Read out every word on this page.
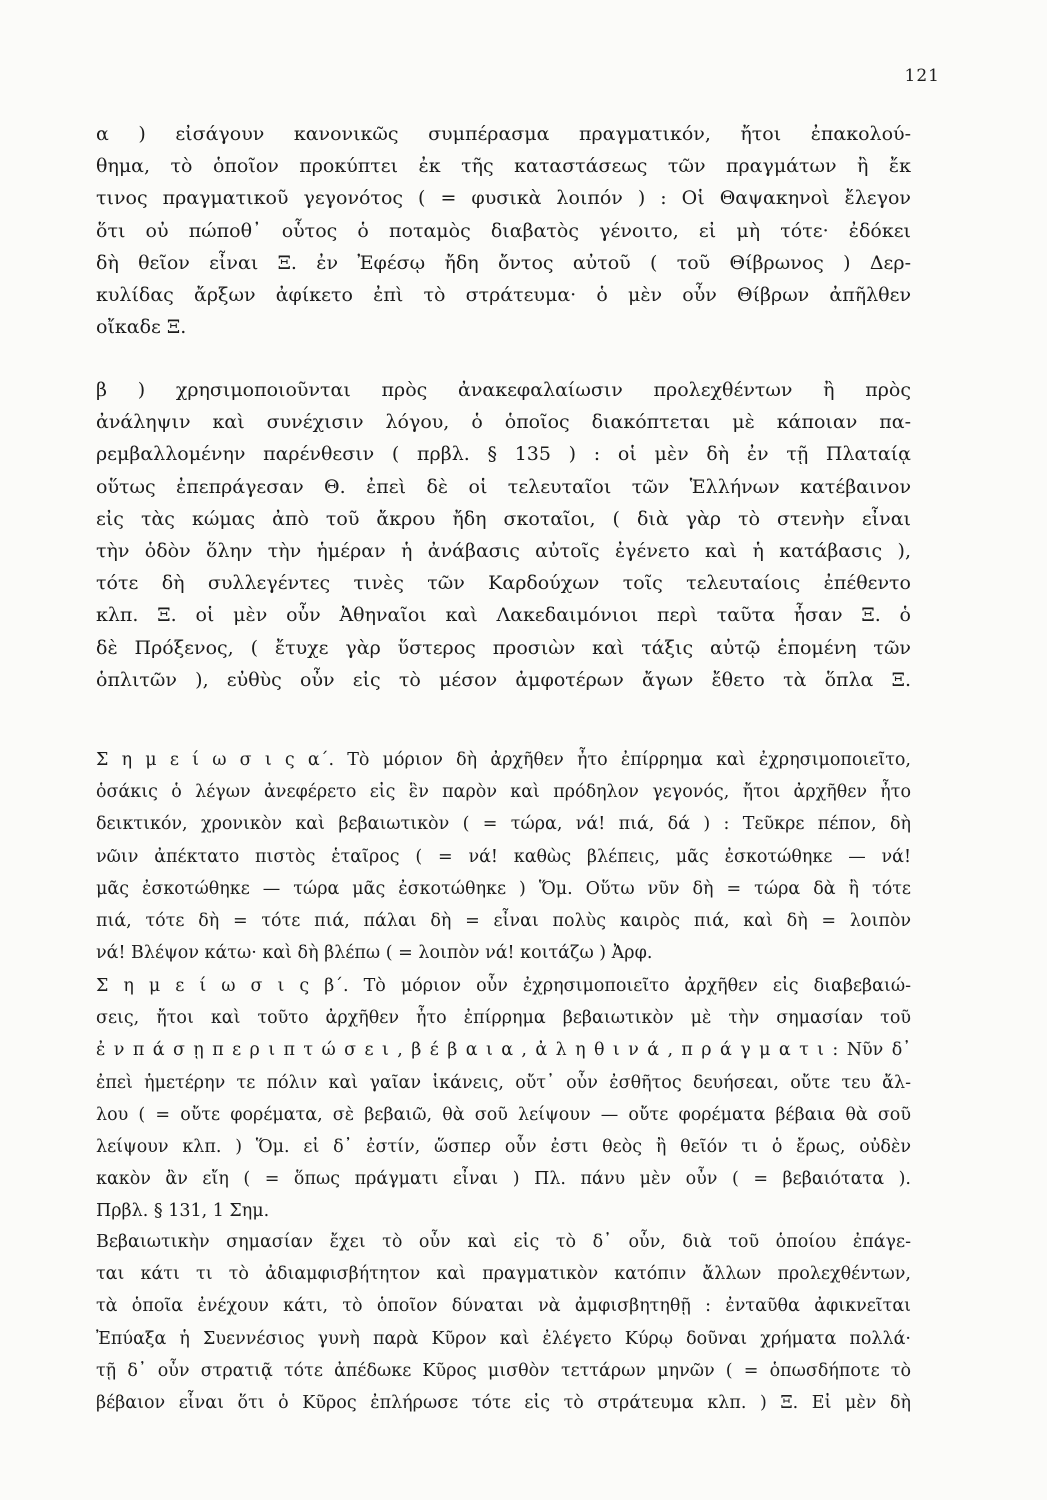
121
α ) εἰσάγουν κανονικῶς συμπέρασμα πραγματικόν, ἤτοι ἐπακολού-
θημα, τὸ ὁποῖον προκύπτει ἐκ τῆς καταστάσεως τῶν πραγμάτων ἢ ἔκ
τινος πραγματικοῦ γεγονότος ( = φυσικὰ λοιπόν ) : Οἱ Θαψακηνοὶ ἔλεγον
ὅτι οὐ πώποθ᾽ οὗτος ὁ ποταμὸς διαβατὸς γένοιτο, εἰ μὴ τότε· ἐδόκει
δὴ θεῖον εἶναι Ξ. ἐν Ἐφέσῳ ἤδη ὄντος αὐτοῦ ( τοῦ Θίβρωνος ) Δερ-
κυλίδας ἄρξων ἀφίκετο ἐπὶ τὸ στράτευμα· ὁ μὲν οὖν Θίβρων ἀπῆλθεν
οἴκαδε Ξ.
β ) χρησιμοποιοῦνται πρὸς ἀνακεφαλαίωσιν προλεχθέντων ἢ πρὸς
ἀνάληψιν καὶ συνέχισιν λόγου, ὁ ὁποῖος διακόπτεται μὲ κάποιαν πα-
ρεμβαλλομένην παρένθεσιν ( πρβλ. § 135 ) : οἱ μὲν δὴ ἐν τῇ Πλαταίᾳ
οὕτως ἐπεπράγεσαν Θ. ἐπεὶ δὲ οἱ τελευταῖοι τῶν Ἑλλήνων κατέβαινον
εἰς τὰς κώμας ἀπὸ τοῦ ἄκρου ἤδη σκοταῖοι, ( διὰ γὰρ τὸ στενὴν εἶναι
τὴν ὁδὸν ὅλην τὴν ἡμέραν ἡ ἀνάβασις αὐτοῖς ἐγένετο καὶ ἡ κατάβασις ),
τότε δὴ συλλεγέντες τινὲς τῶν Καρδούχων τοῖς τελευταίοις ἐπέθεντο
κλπ. Ξ. οἱ μὲν οὖν Ἀθηναῖοι καὶ Λακεδαιμόνιοι περὶ ταῦτα ἦσαν Ξ. ὁ
δὲ Πρόξενος, ( ἔτυχε γὰρ ὕστερος προσιὼν καὶ τάξις αὐτῷ ἑπομένη τῶν
ὁπλιτῶν ), εὐθὺς οὖν εἰς τὸ μέσον ἀμφοτέρων ἄγων ἔθετο τὰ ὅπλα Ξ.
Σ η μ ε ί ω σ ι ς α΄. Τὸ μόριον δὴ ἀρχῆθεν ἦτο ἐπίρρημα καὶ ἐχρησιμοποιεῖτο,
ὁσάκις ὁ λέγων ἀνεφέρετο εἰς ἓν παρὸν καὶ πρόδηλον γεγονός, ἤτοι ἀρχῆθεν ἦτο
δεικτικόν, χρονικὸν καὶ βεβαιωτικὸν ( = τώρα, νά! πιά, δά ) : Τεῦκρε πέπον, δὴ
νῶιν ἀπέκτατο πιστὸς ἑταῖρος ( = νά! καθὼς βλέπεις, μᾶς ἐσκοτώθηκε — νά!
μᾶς ἐσκοτώθηκε — τώρα μᾶς ἐσκοτώθηκε ) Ὅμ. Οὕτω νῦν δὴ = τώρα δὰ ἢ τότε
πιά, τότε δὴ = τότε πιά, πάλαι δὴ = εἶναι πολὺς καιρὸς πιά, καὶ δὴ = λοιπὸν
νά! Βλέψον κάτω· καὶ δὴ βλέπω ( = λοιπὸν νά! κοιτάζω ) Ἀρφ.
Σ η μ ε ί ω σ ι ς β΄. Τὸ μόριον οὖν ἐχρησιμοποιεῖτο ἀρχῆθεν εἰς διαβεβαιώ-
σεις, ἤτοι καὶ τοῦτο ἀρχῆθεν ἦτο ἐπίρρημα βεβαιωτικὸν μὲ τὴν σημασίαν τοῦ
ἐ ν π ά σ ῃ π ε ρ ι π τ ώ σ ε ι , β έ β α ι α , ἀ λ η θ ι ν ά , π ρ ά γ μ α τ ι : Νῦν δ᾽
ἐπεὶ ἡμετέρην τε πόλιν καὶ γαῖαν ἱκάνεις, οὔτ᾽ οὖν ἐσθῆτος δευήσεαι, οὔτε τευ ἄλ-
λου ( = οὔτε φορέματα, σὲ βεβαιῶ, θὰ σοῦ λείψουν — οὔτε φορέματα βέβαια θὰ σοῦ
λείψουν κλπ. ) Ὅμ. εἰ δ᾽ ἐστίν, ὥσπερ οὖν ἐστι θεὸς ἢ θεῖόν τι ὁ ἔρως, οὐδὲν
κακὸν ἂν εἴη ( = ὅπως πράγματι εἶναι ) Πλ. πάνυ μὲν οὖν ( = βεβαιότατα ).
Πρβλ. § 131, 1 Σημ.
Βεβαιωτικὴν σημασίαν ἔχει τὸ οὖν καὶ εἰς τὸ δ᾽ οὖν, διὰ τοῦ ὁποίου ἐπάγε-
ται κάτι τι τὸ ἀδιαμφισβήτητον καὶ πραγματικὸν κατόπιν ἄλλων προλεχθέντων,
τὰ ὁποῖα ἐνέχουν κάτι, τὸ ὁποῖον δύναται νὰ ἀμφισβητηθῇ : ἐνταῦθα ἀφικνεῖται
Ἐπύαξα ἡ Συεννέσιος γυνὴ παρὰ Κῦρον καὶ ἐλέγετο Κύρῳ δοῦναι χρήματα πολλά·
τῇ δ᾽ οὖν στρατιᾷ τότε ἀπέδωκε Κῦρος μισθὸν τεττάρων μηνῶν ( = ὁπωσδήποτε τὸ
βέβαιον εἶναι ὅτι ὁ Κῦρος ἐπλήρωσε τότε εἰς τὸ στράτευμα κλπ. ) Ξ. Εἰ μὲν δὴ
